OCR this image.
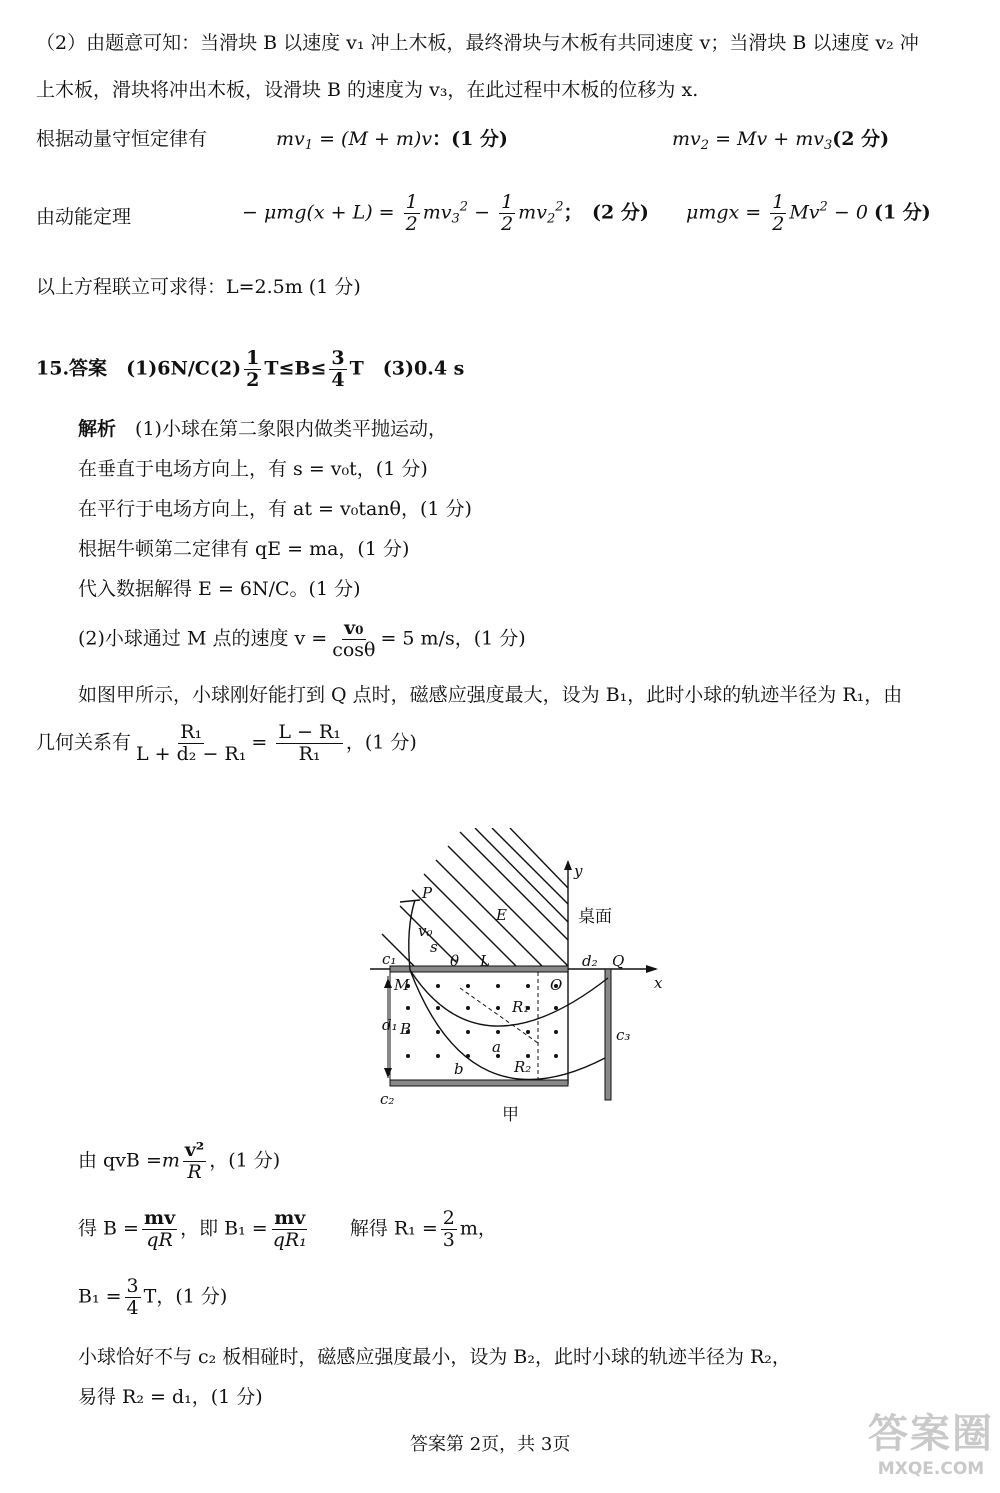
（2）由题意可知：当滑块 B 以速度 v₁ 冲上木板，最终滑块与木板有共同速度 v；当滑块 B 以速度 v₂ 冲
上木板，滑块将冲出木板，设滑块 B 的速度为 v₃，在此过程中木板的位移为 x.
根据动量守恒定律有	$mv_1 = (M + m)v$：(1 分)	$mv_2 = Mv + mv_3(2$ 分)
由动能定理	− $\mu mg(x + L) = \frac{1}{2} mv_3^2 - \frac{1}{2} mv_2^2$；　(2 分) $\mu mgx = \frac{1}{2} Mv^2 - 0$ (1 分)
以上方程联立可求得：L=2.5m (1 分)
15.答案　 $(1)6N/C(2) \frac{1}{2} T\le B\le \frac{3}{4}$ T　(3)0.4 s
解析　 (1)小球在第二象限内做类平抛运动，
在垂直于电场方向上，有 s = v₀t，(1 分)
在平行于电场方向上，有 at = v₀tanθ，(1 分)
根据牛顿第二定律有 qE = ma，(1 分)
代入数据解得 E = 6N/C。(1 分)
(2)小球通过 M 点的速度 $v = \frac{\text{v₀}}{\cos\theta} = 5$ m/s，(1 分)
如图甲所示，小球刚好能打到 Q 点时，磁感应强度最大，设为 B₁，此时小球的轨迹半径为 R₁，由
几何关系有 $\frac{\text{R₁}}{\text{L + d₂ − R₁}} = \frac{\text{L − R₁}}{\text{R₁}}$ ，(1 分)
y
x
P
E
v₀
s
θ L
c₁	d₂ Q
M	O
R₁
d₁ B
a
c₃
b	R₂
c₂
桌面
甲
由 qvB $=m \frac{\text{v²}}{R}$ ，(1 分)
得 $B = \frac{mv}{qR}$ ，即 $B_1 = \frac{mv}{\text{qR₁}}$
　　 解得 $R_1 = \frac{2}{3}$ m，
$B_1 = \frac{3}{4}$ T，(1 分)
小球恰好不与 c₂ 板相碰时，磁感应强度最小，设为 B₂，此时小球的轨迹半径为 R₂，
易得 R₂ = d₁，(1 分)
答案第 2页，共 3页	答案圈
MXQE.COM
